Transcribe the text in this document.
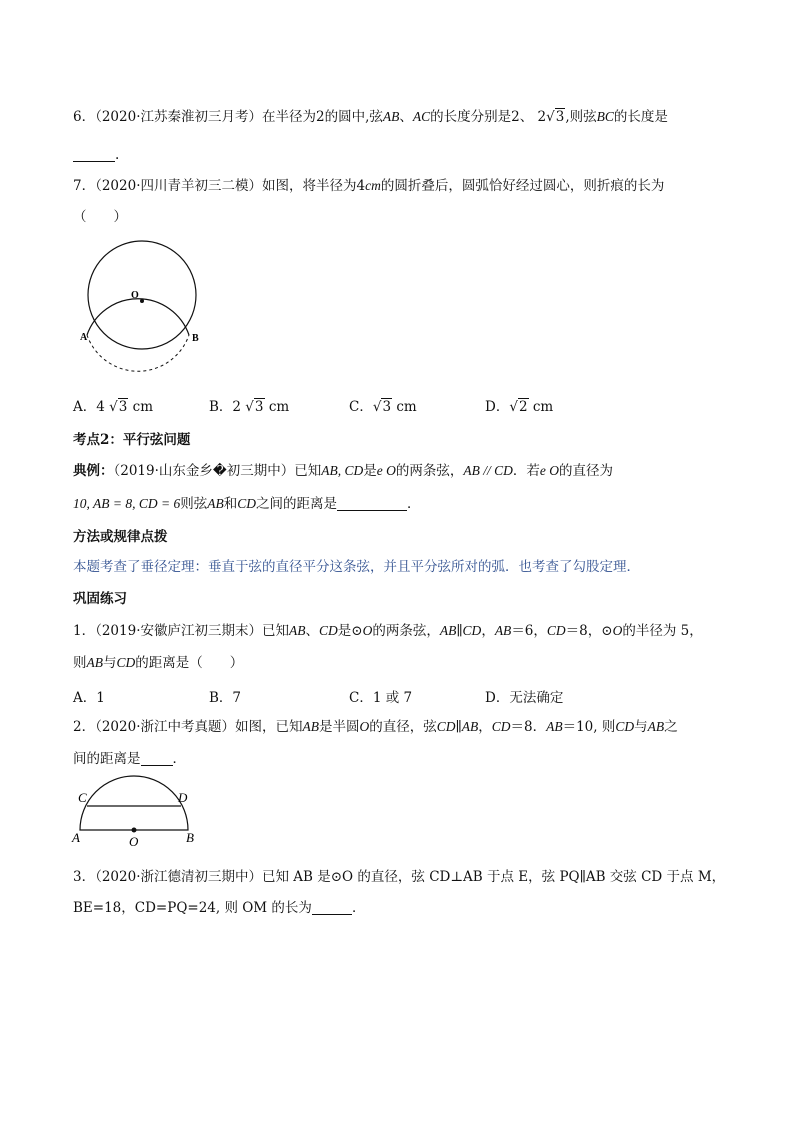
6．（2020·江苏秦淮初三月考）在半径为2的圆中,弦AB、AC的长度分别是2、 2√3,则弦BC的长度是
.
7．（2020·四川青羊初三二模）如图，将半径为4cm的圆折叠后，圆弧恰好经过圆心，则折痕的长为
（　　）
O
A	B
A．4 √3 cm	B．2 √3 cm	C．√3 cm	D．√2 cm
考点2：平行弦问题
典例：（2019·山东金乡�初三期中）已知AB, CD是e O的两条弦，AB // CD．若e O的直径为
10, AB = 8, CD = 6则弦AB和CD之间的距离是	．
方法或规律点拨
本题考查了垂径定理：垂直于弦的直径平分这条弦，并且平分弦所对的弧．也考查了勾股定理．
巩固练习
1．（2019·安徽庐江初三期末）已知AB、CD是⊙O的两条弦，AB∥CD，AB＝6，CD＝8，⊙O的半径为 5，
则AB与CD的距离是（　　）
A．1	B．7	C．1 或 7	D．无法确定
2．（2020·浙江中考真题）如图，已知AB是半圆O的直径，弦CD∥AB，CD＝8．AB＝10, 则CD与AB之
间的距离是 ．
C	D
A	O	B
3．（2020·浙江德清初三期中）已知 AB 是⊙O 的直径，弦 CD⊥AB 于点 E，弦 PQ∥AB 交弦 CD 于点 M，
BE=18，CD=PQ=24, 则 OM 的长为	．
